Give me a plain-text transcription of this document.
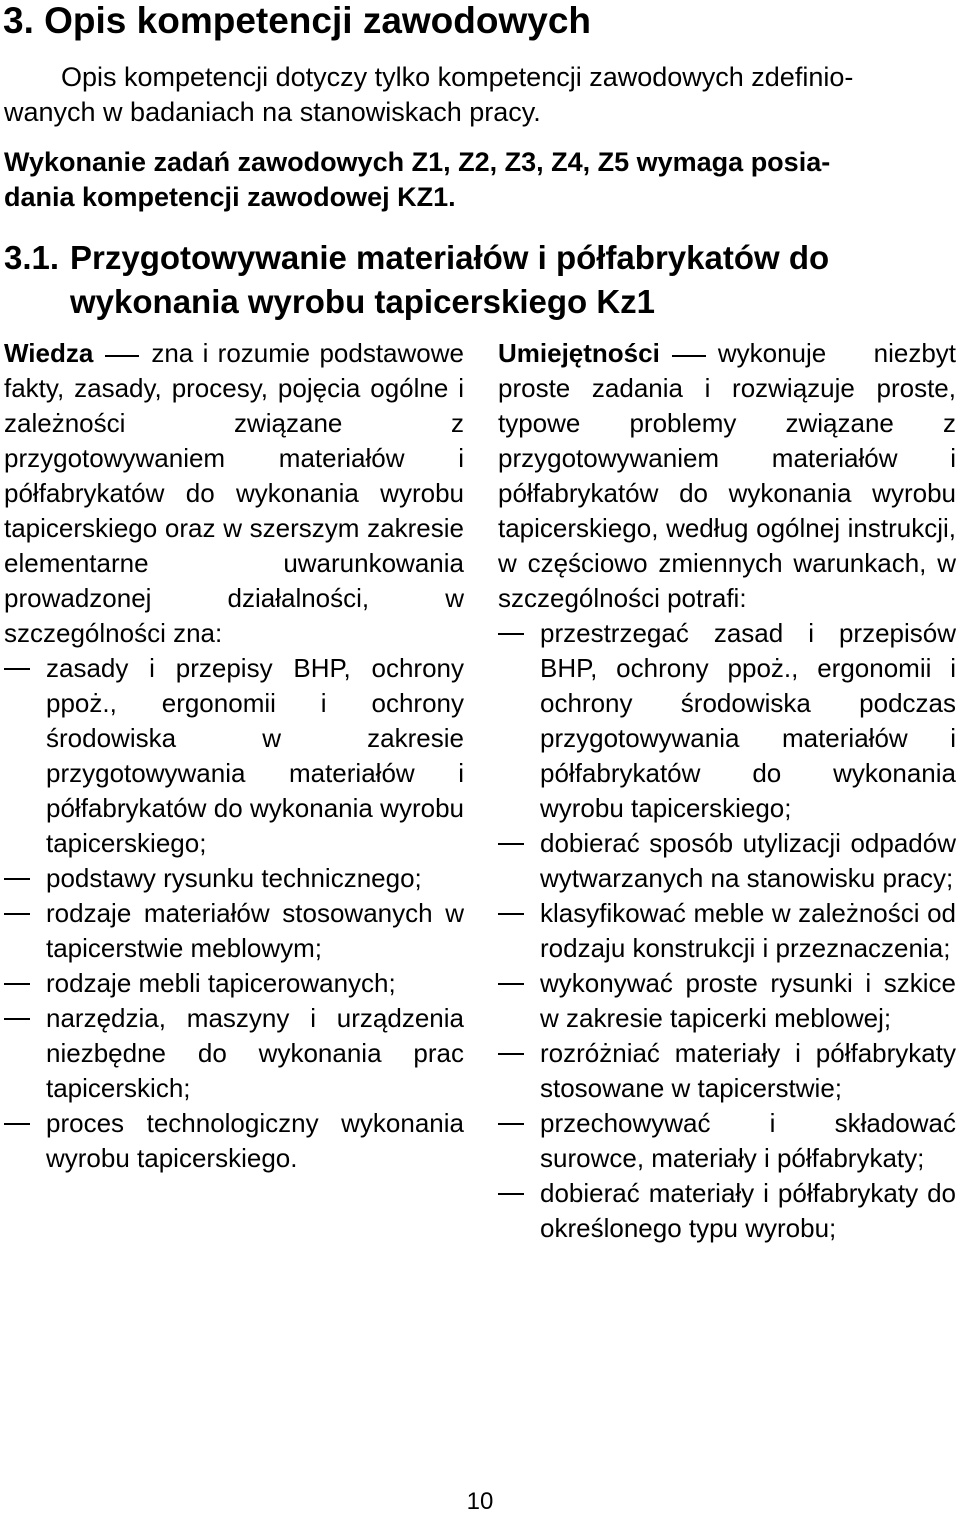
3. Opis kompetencji zawodowych
Opis kompetencji dotyczy tylko kompetencji zawodowych zdefinio-
wanych w badaniach na stanowiskach pracy.
Wykonanie zadań zawodowych Z1, Z2, Z3, Z4, Z5 wymaga posia-
dania kompetencji zawodowej KZ1.
3.1. Przygotowywanie materiałów i półfabrykatów do
wykonania wyrobu tapicerskiego Kz1
Wiedza zna i rozumie podstawowe fakty, zasady, procesy, pojęcia ogólne i zależności związane z przygotowywaniem materiałów i półfabrykatów do wykonania wyrobu tapicerskiego oraz w szerszym zakresie elementarne uwarunkowania prowadzonej działalności, w szczególności zna:
zasady i przepisy BHP, ochrony ppoż., ergonomii i ochrony środowiska w zakresie przygotowywania materiałów i półfabrykatów do wykonania wyrobu tapicerskiego;
podstawy rysunku technicznego;
rodzaje materiałów stosowanych w tapicerstwie meblowym;
rodzaje mebli tapicerowanych;
narzędzia, maszyny i urządzenia niezbędne do wykonania prac tapicerskich;
proces technologiczny wykonania wyrobu tapicerskiego.
Umiejętności wykonuje niezbyt proste zadania i rozwiązuje proste, typowe problemy związane z przygotowywaniem materiałów i półfabrykatów do wykonania wyrobu tapicerskiego, według ogólnej instrukcji, w częściowo zmiennych warunkach, w szczególności potrafi:
przestrzegać zasad i przepisów BHP, ochrony ppoż., ergonomii i ochrony środowiska podczas przygotowywania materiałów i półfabrykatów do wykonania wyrobu tapicerskiego;
dobierać sposób utylizacji odpadów wytwarzanych na stanowisku pracy;
klasyfikować meble w zależności od rodzaju konstrukcji i przeznaczenia;
wykonywać proste rysunki i szkice w zakresie tapicerki meblowej;
rozróżniać materiały i półfabrykaty stosowane w tapicerstwie;
przechowywać i składować surowce, materiały i półfabrykaty;
dobierać materiały i półfabrykaty do określonego typu wyrobu;
10
